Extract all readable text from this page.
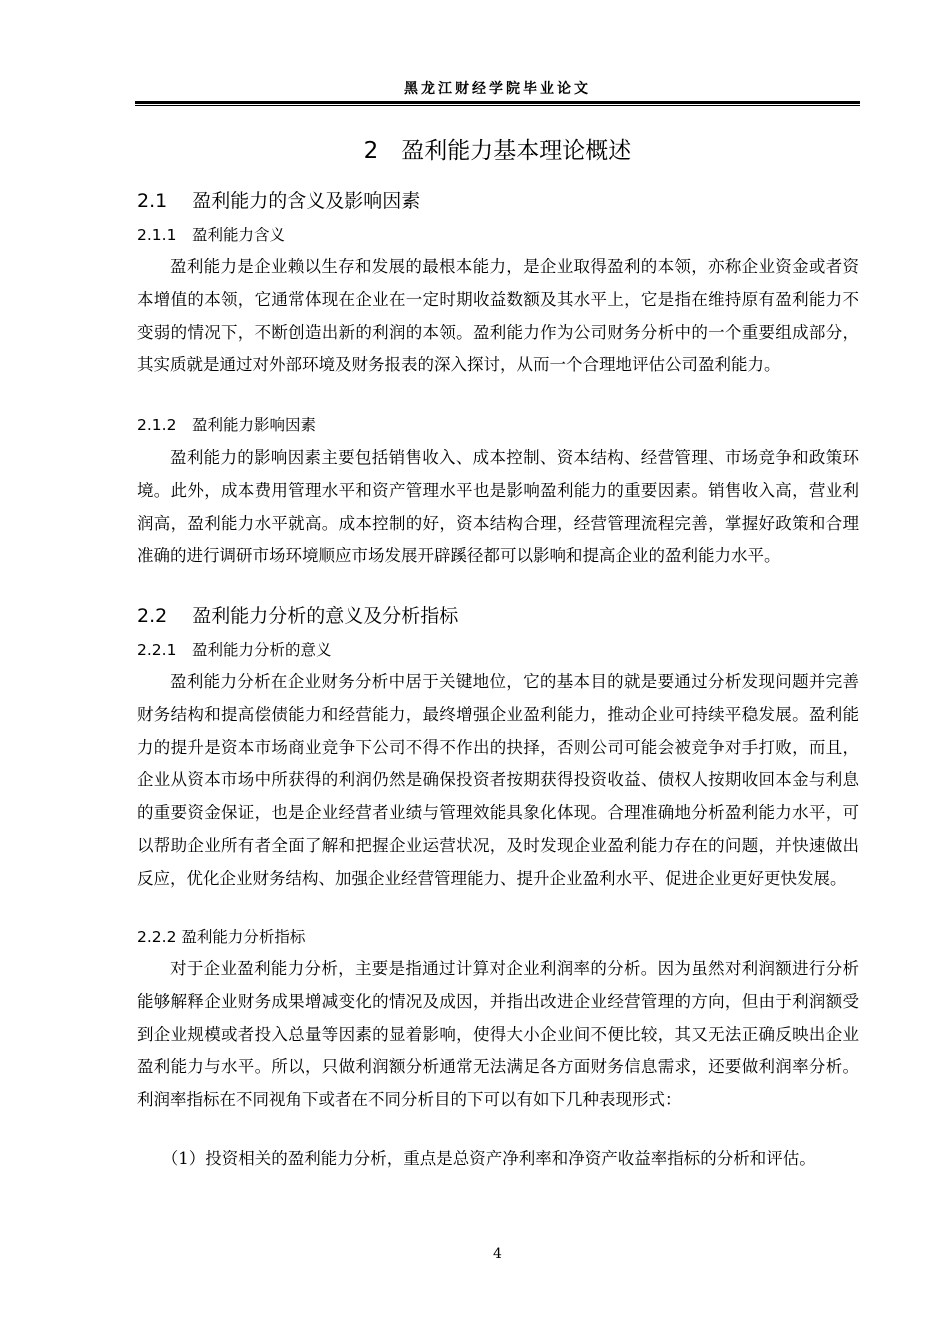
黑龙江财经学院毕业论文
2　盈利能力基本理论概述
2.1　 盈利能力的含义及影响因素
2.1.1　盈利能力含义

盈利能力是企业赖以生存和发展的最根本能力，是企业取得盈利的本领，亦称企业资金或者资本增值的本领，它通常体现在企业在一定时期收益数额及其水平上，它是指在维持原有盈利能力不变弱的情况下，不断创造出新的利润的本领。盈利能力作为公司财务分析中的一个重要组成部分，其实质就是通过对外部环境及财务报表的深入探讨，从而一个合理地评估公司盈利能力。

2.1.2　盈利能力影响因素

盈利能力的影响因素主要包括销售收入、成本控制、资本结构、经营管理、市场竞争和政策环境。此外，成本费用管理水平和资产管理水平也是影响盈利能力的重要因素。销售收入高，营业利润高，盈利能力水平就高。成本控制的好，资本结构合理，经营管理流程完善，掌握好政策和合理准确的进行调研市场环境顺应市场发展开辟蹊径都可以影响和提高企业的盈利能力水平。

2.2　 盈利能力分析的意义及分析指标
2.2.1　盈利能力分析的意义

盈利能力分析在企业财务分析中居于关键地位，它的基本目的就是要通过分析发现问题并完善财务结构和提高偿债能力和经营能力，最终增强企业盈利能力，推动企业可持续平稳发展。盈利能力的提升是资本市场商业竞争下公司不得不作出的抉择，否则公司可能会被竞争对手打败，而且，企业从资本市场中所获得的利润仍然是确保投资者按期获得投资收益、债权人按期收回本金与利息的重要资金保证，也是企业经营者业绩与管理效能具象化体现。合理准确地分析盈利能力水平，可以帮助企业所有者全面了解和把握企业运营状况，及时发现企业盈利能力存在的问题，并快速做出反应，优化企业财务结构、加强企业经营管理能力、提升企业盈利水平、促进企业更好更快发展。

2.2.2 盈利能力分析指标

对于企业盈利能力分析，主要是指通过计算对企业利润率的分析。因为虽然对利润额进行分析能够解释企业财务成果增减变化的情况及成因，并指出改进企业经营管理的方向，但由于利润额受到企业规模或者投入总量等因素的显着影响，使得大小企业间不便比较，其又无法正确反映出企业盈利能力与水平。所以，只做利润额分析通常无法满足各方面财务信息需求，还要做利润率分析。利润率指标在不同视角下或者在不同分析目的下可以有如下几种表现形式：

（1）投资相关的盈利能力分析，重点是总资产净利率和净资产收益率指标的分析和评估。

4
